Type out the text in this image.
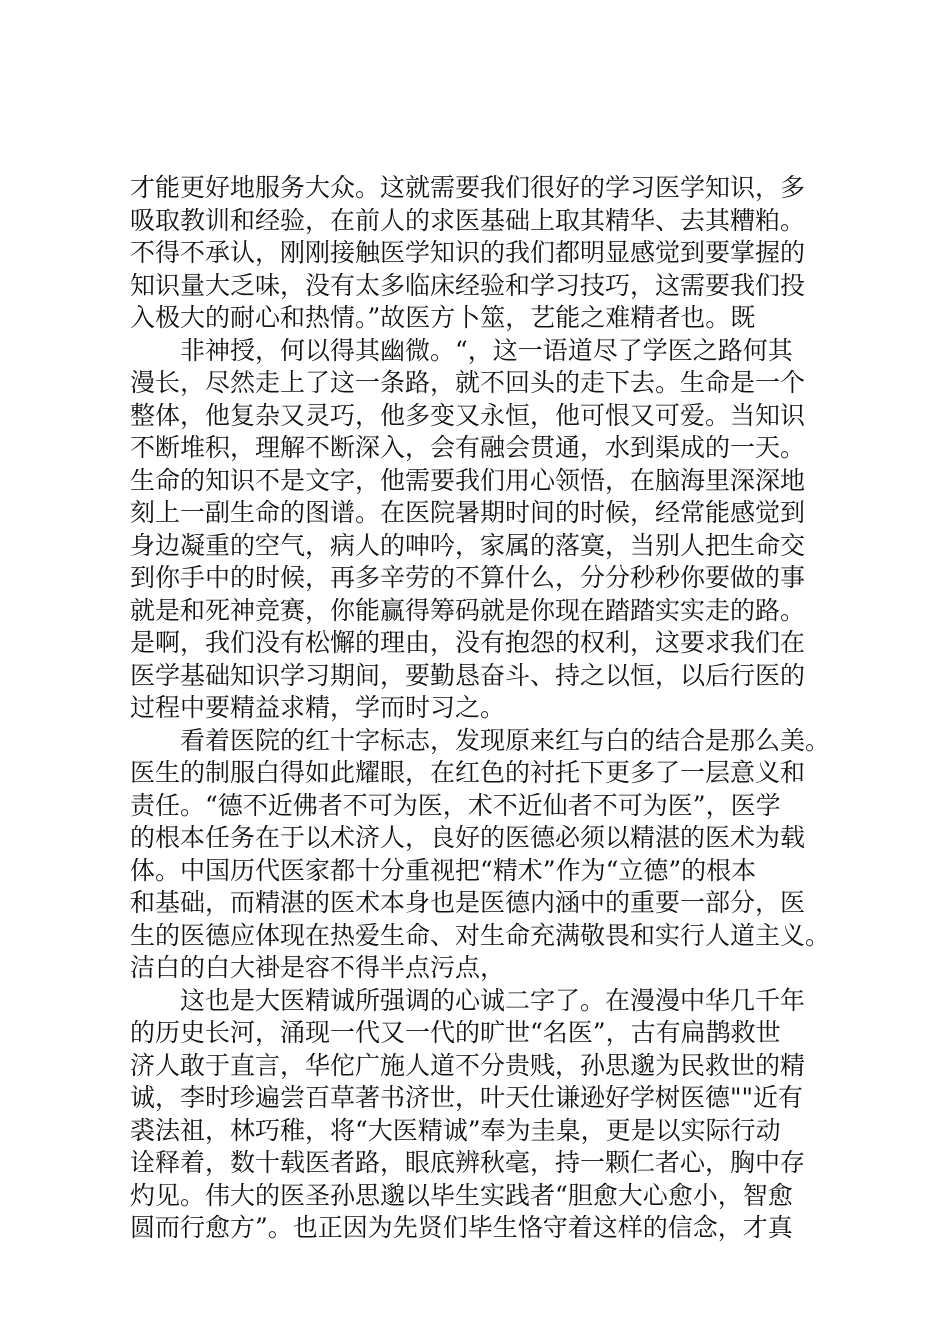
才能更好地服务大众。这就需要我们很好的学习医学知识，多
吸取教训和经验，在前人的求医基础上取其精华、去其糟粕。
不得不承认，刚刚接触医学知识的我们都明显感觉到要掌握的
知识量大乏味，没有太多临床经验和学习技巧，这需要我们投
入极大的耐心和热情。”故医方卜筮，艺能之难精者也。既
非神授，何以得其幽微。“，这一语道尽了学医之路何其
漫长，尽然走上了这一条路，就不回头的走下去。生命是一个
整体，他复杂又灵巧，他多变又永恒，他可恨又可爱。当知识
不断堆积，理解不断深入，会有融会贯通，水到渠成的一天。
生命的知识不是文字，他需要我们用心领悟，在脑海里深深地
刻上一副生命的图谱。在医院暑期时间的时候，经常能感觉到
身边凝重的空气，病人的呻吟，家属的落寞，当别人把生命交
到你手中的时候，再多辛劳的不算什么，分分秒秒你要做的事
就是和死神竞赛，你能赢得筹码就是你现在踏踏实实走的路。
是啊，我们没有松懈的理由，没有抱怨的权利，这要求我们在
医学基础知识学习期间，要勤恳奋斗、持之以恒，以后行医的
过程中要精益求精，学而时习之。
看着医院的红十字标志，发现原来红与白的结合是那么美。
医生的制服白得如此耀眼，在红色的衬托下更多了一层意义和
责任。“德不近佛者不可为医，术不近仙者不可为医”，医学
的根本任务在于以术济人，良好的医德必须以精湛的医术为载
体。中国历代医家都十分重视把“精术”作为“立德”的根本
和基础，而精湛的医术本身也是医德内涵中的重要一部分，医
生的医德应体现在热爱生命、对生命充满敬畏和实行人道主义。
洁白的白大褂是容不得半点污点，
这也是大医精诚所强调的心诚二字了。在漫漫中华几千年
的历史长河，涌现一代又一代的旷世“名医”，古有扁鹊救世
济人敢于直言，华佗广施人道不分贵贱，孙思邈为民救世的精
诚，李时珍遍尝百草著书济世，叶天仕谦逊好学树医德""近有
裘法祖，林巧稚，将“大医精诚”奉为圭臬，更是以实际行动
诠释着，数十载医者路，眼底辨秋毫，持一颗仁者心，胸中存
灼见。伟大的医圣孙思邈以毕生实践者“胆愈大心愈小，智愈
圆而行愈方”。也正因为先贤们毕生恪守着这样的信念，才真
